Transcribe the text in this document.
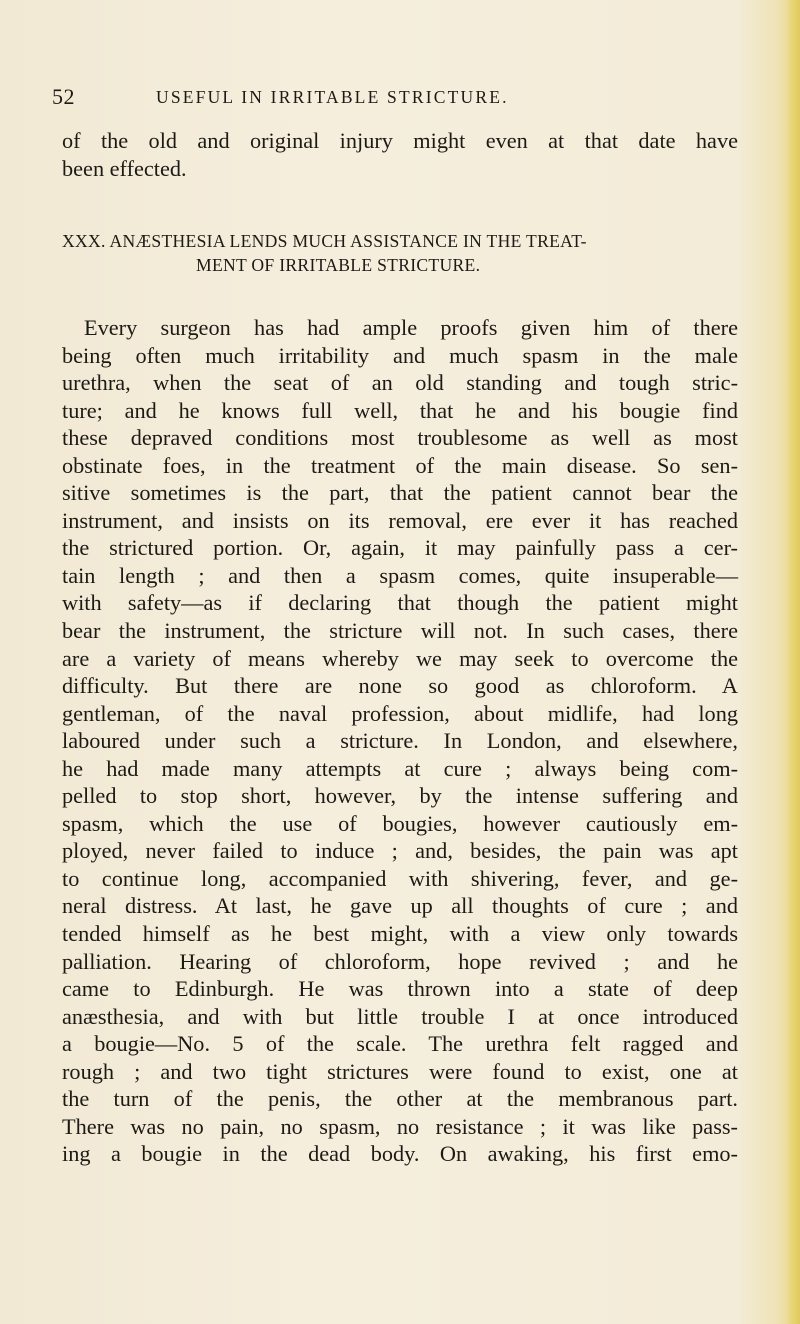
52	USEFUL IN IRRITABLE STRICTURE.

of the old and original injury might even at that date have
been effected.

XXX. ANÆSTHESIA LENDS MUCH ASSISTANCE IN THE TREAT-
MENT OF IRRITABLE STRICTURE.

Every surgeon has had ample proofs given him of there
being often much irritability and much spasm in the male
urethra, when the seat of an old standing and tough stric-
ture; and he knows full well, that he and his bougie find
these depraved conditions most troublesome as well as most
obstinate foes, in the treatment of the main disease. So sen-
sitive sometimes is the part, that the patient cannot bear the
instrument, and insists on its removal, ere ever it has reached
the strictured portion. Or, again, it may painfully pass a cer-
tain length ; and then a spasm comes, quite insuperable—
with safety—as if declaring that though the patient might
bear the instrument, the stricture will not. In such cases, there
are a variety of means whereby we may seek to overcome the
difficulty. But there are none so good as chloroform. A
gentleman, of the naval profession, about midlife, had long
laboured under such a stricture. In London, and elsewhere,
he had made many attempts at cure ; always being com-
pelled to stop short, however, by the intense suffering and
spasm, which the use of bougies, however cautiously em-
ployed, never failed to induce ; and, besides, the pain was apt
to continue long, accompanied with shivering, fever, and ge-
neral distress. At last, he gave up all thoughts of cure ; and
tended himself as he best might, with a view only towards
palliation. Hearing of chloroform, hope revived ; and he
came to Edinburgh. He was thrown into a state of deep
anæsthesia, and with but little trouble I at once introduced
a bougie—No. 5 of the scale. The urethra felt ragged and
rough ; and two tight strictures were found to exist, one at
the turn of the penis, the other at the membranous part.
There was no pain, no spasm, no resistance ; it was like pass-
ing a bougie in the dead body. On awaking, his first emo-
